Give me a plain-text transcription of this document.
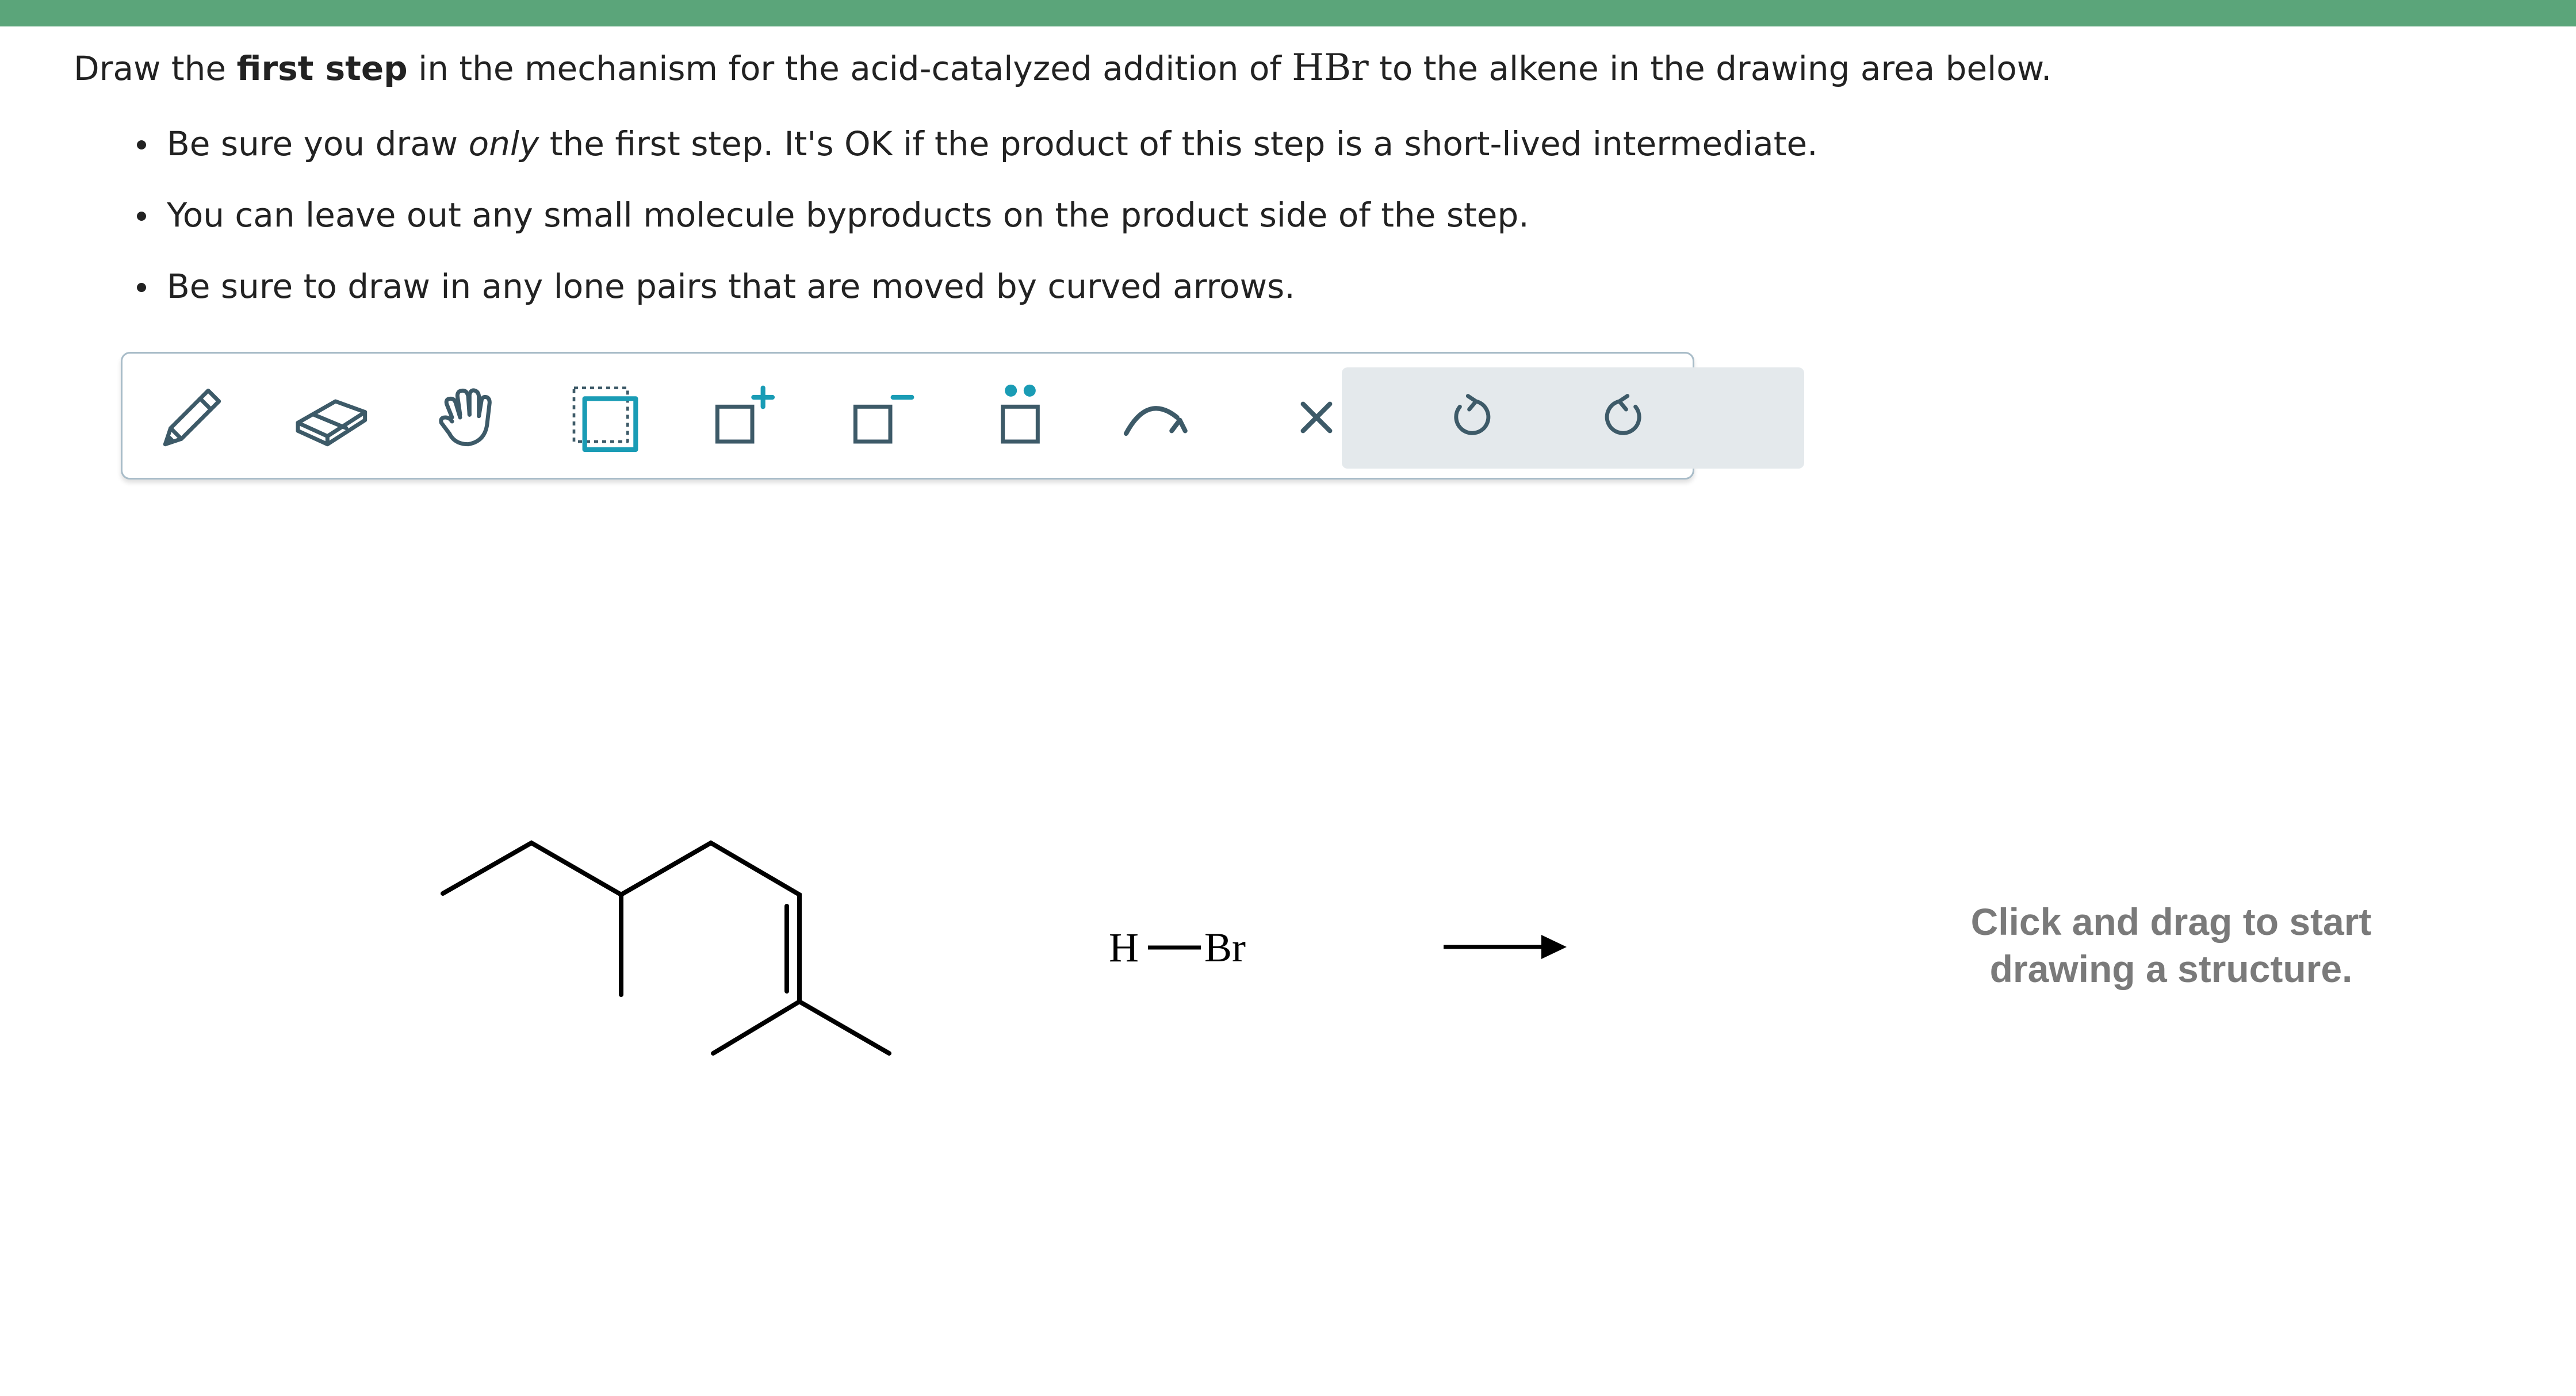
Draw the first step in the mechanism for the acid-catalyzed addition of HBr to the alkene in the drawing area below.
Be sure you draw only the first step. It's OK if the product of this step is a short-lived intermediate.
You can leave out any small molecule byproducts on the product side of the step.
Be sure to draw in any lone pairs that are moved by curved arrows.
H Br
Click and drag to start
drawing a structure.
